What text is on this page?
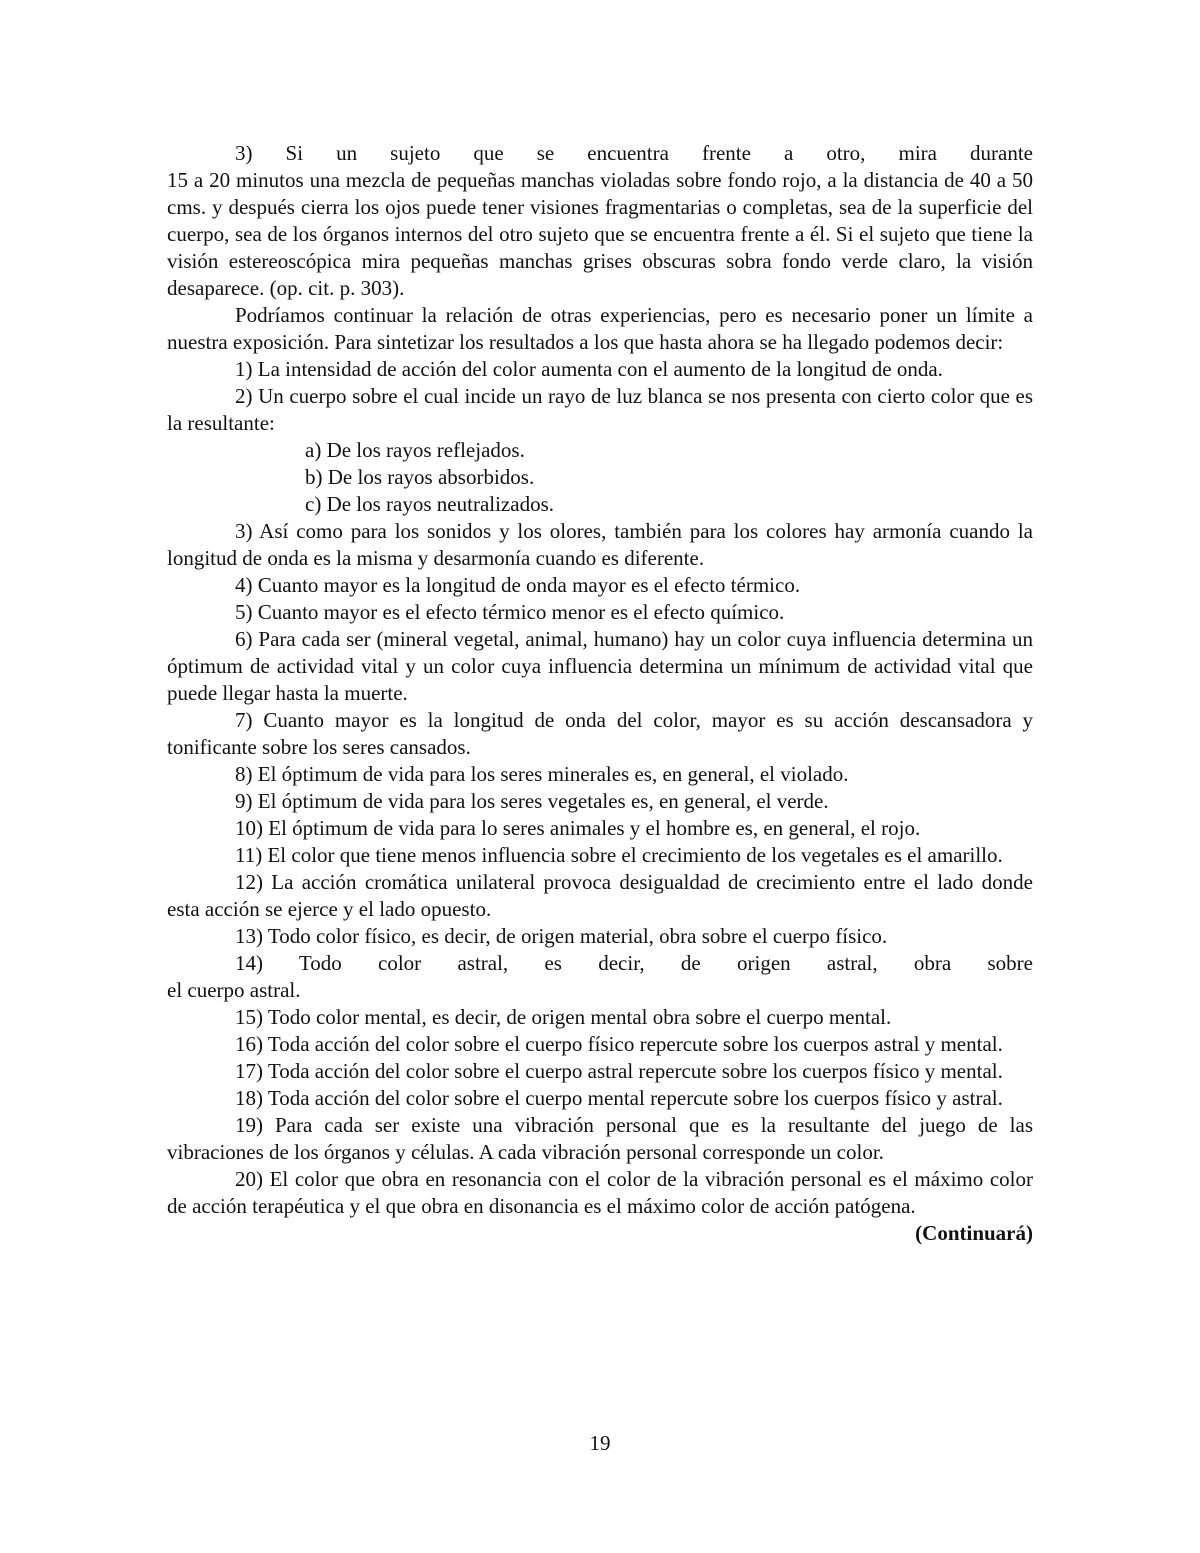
3) Si un sujeto que se encuentra frente a otro, mira durante

15 a 20 minutos una mezcla de pequeñas manchas violadas sobre fondo rojo, a la distancia de 40 a 50 cms. y después cierra los ojos puede tener visiones fragmentarias o completas, sea de la superficie del cuerpo, sea de los órganos internos del otro sujeto que se encuentra frente a él. Si el sujeto que tiene la visión estereoscópica mira pequeñas manchas grises obscuras sobra fondo verde claro, la visión desaparece. (op. cit. p. 303).

Podríamos continuar la relación de otras experiencias, pero es necesario poner un límite a nuestra exposición. Para sintetizar los resultados a los que hasta ahora se ha llegado podemos decir:

1) La intensidad de acción del color aumenta con el aumento de la longitud de onda.

2) Un cuerpo sobre el cual incide un rayo de luz blanca se nos presenta con cierto color que es la resultante:

a) De los rayos reflejados.

b) De los rayos absorbidos.

c) De los rayos neutralizados.

3) Así como para los sonidos y los olores, también para los colores hay armonía cuando la longitud de onda es la misma y desarmonía cuando es diferente.

4) Cuanto mayor es la longitud de onda mayor es el efecto térmico.

5) Cuanto mayor es el efecto térmico menor es el efecto químico.

6) Para cada ser (mineral vegetal, animal, humano) hay un color cuya influencia determina un óptimum de actividad vital y un color cuya influencia determina un mínimum de actividad vital que puede llegar hasta la muerte.

7) Cuanto mayor es la longitud de onda del color, mayor es su acción descansadora y tonificante sobre los seres cansados.

8) El óptimum de vida para los seres minerales es, en general, el violado.

9) El óptimum de vida para los seres vegetales es, en general, el verde.

10) El óptimum de vida para lo seres animales y el hombre es, en general, el rojo.

11) El color que tiene menos influencia sobre el crecimiento de los vegetales es el amarillo.

12) La acción cromática unilateral provoca desigualdad de crecimiento entre el lado donde esta acción se ejerce y el lado opuesto.

13) Todo color físico, es decir, de origen material, obra sobre el cuerpo físico.

14) Todo color astral, es decir, de origen astral, obra sobre

el cuerpo astral.

15) Todo color mental, es decir, de origen mental obra sobre el cuerpo mental.

16) Toda acción del color sobre el cuerpo físico repercute sobre los cuerpos astral y mental.

17) Toda acción del color sobre el cuerpo astral repercute sobre los cuerpos físico y mental.

18) Toda acción del color sobre el cuerpo mental repercute sobre los cuerpos físico y astral.

19) Para cada ser existe una vibración personal que es la resultante del juego de las vibraciones de los órganos y células. A cada vibración personal corresponde un color.

20) El color que obra en resonancia con el color de la vibración personal es el máximo color de acción terapéutica y el que obra en disonancia es el máximo color de acción patógena.

(Continuará)

19
